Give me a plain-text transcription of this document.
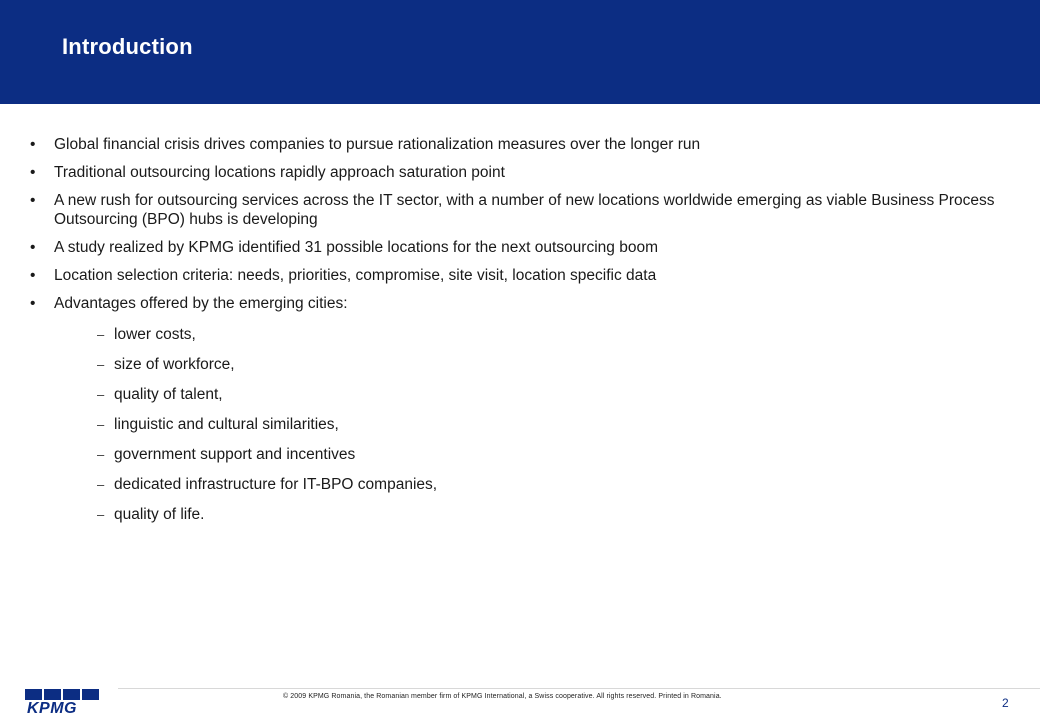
Introduction
•	Global financial crisis drives companies to pursue rationalization measures over the longer run
•	Traditional outsourcing locations rapidly approach saturation point
•	A new rush for outsourcing services across the IT sector, with a number of new locations worldwide emerging as viable Business Process Outsourcing (BPO) hubs is developing
•	A study realized by KPMG identified 31 possible locations for the next outsourcing boom
•	Location selection criteria: needs, priorities, compromise, site visit, location specific data
•	Advantages offered by the emerging cities:
– lower costs,
– size of workforce,
– quality of talent,
– linguistic and cultural similarities,
– government support and incentives
– dedicated infrastructure for IT-BPO companies,
– quality of life.
KPMG
© 2009 KPMG Romania, the Romanian member firm of KPMG International, a Swiss cooperative. All rights reserved. Printed in Romania.	2
